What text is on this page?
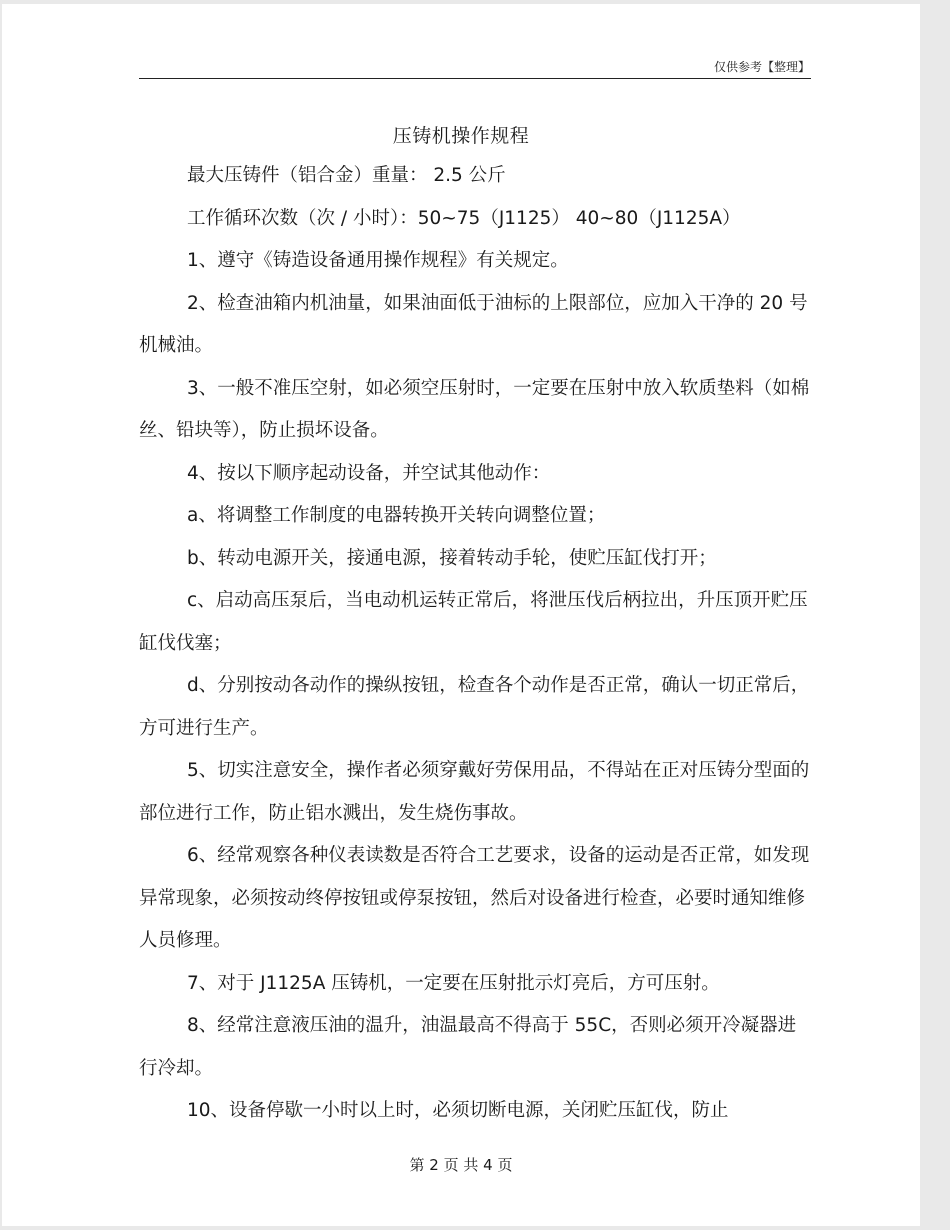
仅供参考【整理】
压铸机操作规程

最大压铸件（铝合金）重量： 2.5 公斤

工作循环次数（次 / 小时）：50~75（J1125） 40~80（J1125A）

1、遵守《铸造设备通用操作规程》有关规定。

2、检查油箱内机油量，如果油面低于油标的上限部位，应加入干净的 20 号机械油。

3、一般不准压空射，如必须空压射时，一定要在压射中放入软质垫料（如棉丝、铅块等），防止损坏设备。

4、按以下顺序起动设备，并空试其他动作：

a、将调整工作制度的电器转换开关转向调整位置；

b、转动电源开关，接通电源，接着转动手轮，使贮压缸伐打开；

c、启动高压泵后，当电动机运转正常后，将泄压伐后柄拉出，升压顶开贮压缸伐伐塞；

d、分别按动各动作的操纵按钮，检查各个动作是否正常，确认一切正常后，方可进行生产。

5、切实注意安全，操作者必须穿戴好劳保用品，不得站在正对压铸分型面的部位进行工作，防止铝水溅出，发生烧伤事故。

6、经常观察各种仪表读数是否符合工艺要求，设备的运动是否正常，如发现异常现象，必须按动终停按钮或停泵按钮，然后对设备进行检查，必要时通知维修人员修理。

7、对于 J1125A 压铸机，一定要在压射批示灯亮后，方可压射。

8、经常注意液压油的温升，油温最高不得高于 55C，否则必须开冷凝器进行冷却。

10、设备停歇一小时以上时，必须切断电源，关闭贮压缸伐，防止

第 2 页 共 4 页
